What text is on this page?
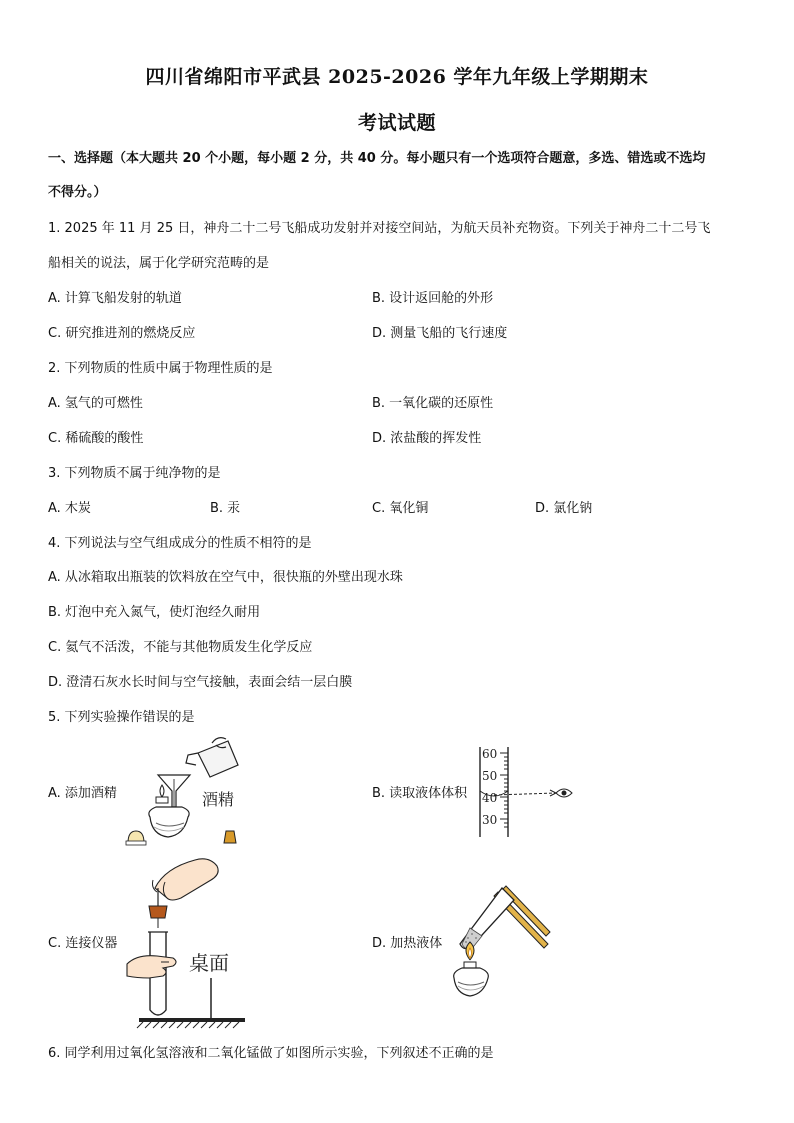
四川省绵阳市平武县 2025-2026 学年九年级上学期期末
考试试题
一、选择题（本大题共 20 个小题，每小题 2 分，共 40 分。每小题只有一个选项符合题意，多选、错选或不选均
不得分。）
1. 2025 年 11 月 25 日，神舟二十二号飞船成功发射并对接空间站，为航天员补充物资。下列关于神舟二十二号飞
船相关的说法，属于化学研究范畴的是
A. 计算飞船发射的轨道	B. 设计返回舱的外形
C. 研究推进剂的燃烧反应	D. 测量飞船的飞行速度
2. 下列物质的性质中属于物理性质的是
A. 氢气的可燃性	B. 一氧化碳的还原性
C. 稀硫酸的酸性	D. 浓盐酸的挥发性
3. 下列物质不属于纯净物的是
A. 木炭	B. 汞	C. 氧化铜	D. 氯化钠
4. 下列说法与空气组成成分的性质不相符的是
A. 从冰箱取出瓶装的饮料放在空气中，很快瓶的外壁出现水珠
B. 灯泡中充入氮气，使灯泡经久耐用
C. 氦气不活泼，不能与其他物质发生化学反应
D. 澄清石灰水长时间与空气接触，表面会结一层白膜
5. 下列实验操作错误的是
A. 添加酒精	B. 读取液体体积
C. 连接仪器	D. 加热液体
酒精
60
50
40
30
桌面
6. 同学利用过氧化氢溶液和二氧化锰做了如图所示实验，下列叙述不正确的是
